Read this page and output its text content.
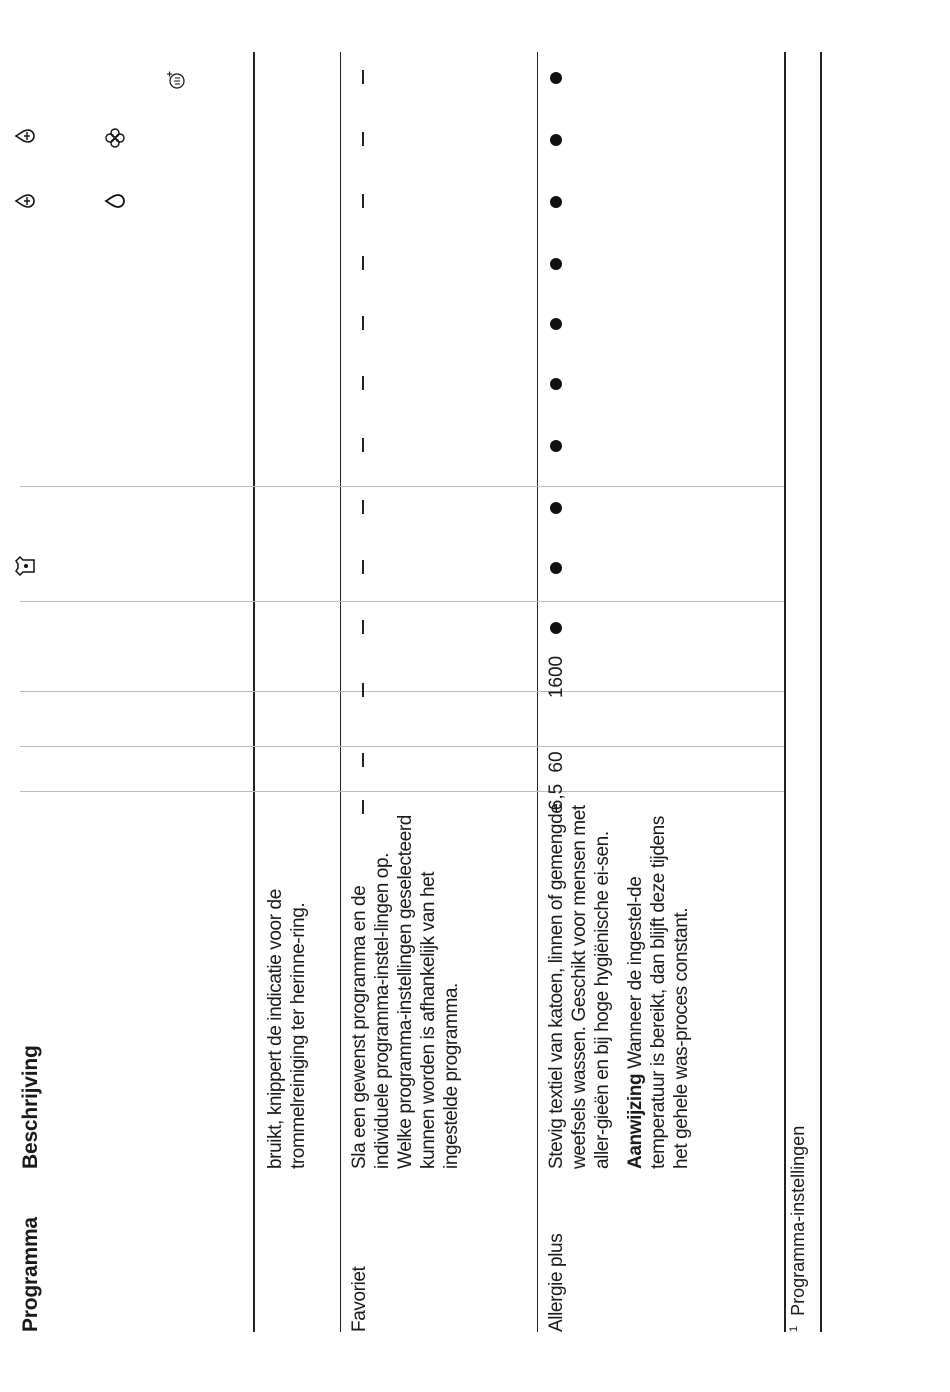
Programma
Beschrijving	bruikt, knippert de indicatie voor de trommelreiniging ter herinne-ring.

Favoriet

Sla een gewenst programma en de individuele programma-instel-lingen op. Welke programma-instellingen geselecteerd kunnen worden is afhankelijk van het ingestelde programma.

Allergie plus

Stevig textiel van katoen, linnen of gemengde weefsels wassen. Geschikt voor mensen met aller-gieën en bij hoge hygiënische ei-sen. Aanwijzing Wanneer de ingestel-de temperatuur is bereikt, dan blijft deze tijdens het gehele was-proces constant.

6,5
60
1600
$^1$Programma-instellingen
